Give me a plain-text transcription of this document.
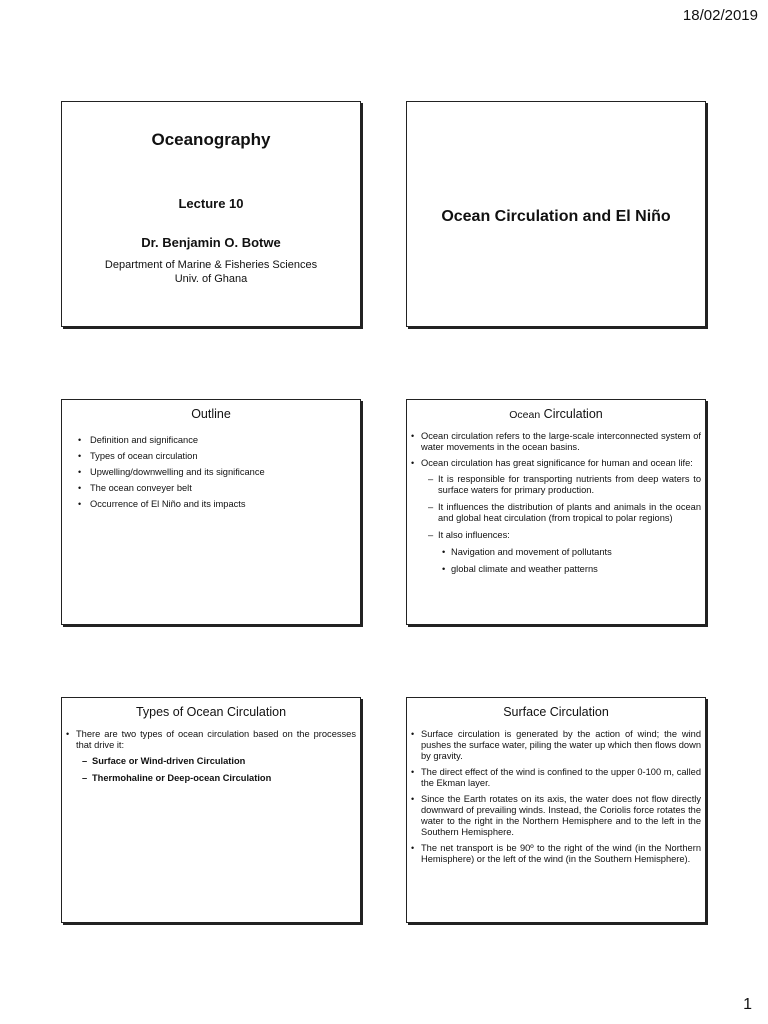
18/02/2019
Oceanography
Lecture 10
Dr. Benjamin O. Botwe
Department of Marine & Fisheries Sciences
Univ. of Ghana
Ocean Circulation and El Niño
Outline
• Definition and significance
• Types of ocean circulation
• Upwelling/downwelling and its significance
• The ocean conveyer belt
• Occurrence of El Niño and its impacts
Ocean Circulation
• Ocean circulation refers to the large-scale interconnected system of water movements in the ocean basins.
• Ocean circulation has great significance for human and ocean life:
– It is responsible for transporting nutrients from deep waters to surface waters for primary production.
– It influences the distribution of plants and animals in the ocean and global heat circulation (from tropical to polar regions)
– It also influences:
• Navigation and movement of pollutants
• global climate and weather patterns
Types of Ocean Circulation
• There are two types of ocean circulation based on the processes that drive it:
– Surface or Wind-driven Circulation
– Thermohaline or Deep-ocean Circulation
Surface Circulation
• Surface circulation is generated by the action of wind; the wind pushes the surface water, piling the water up which then flows down by gravity.
• The direct effect of the wind is confined to the upper 0-100 m, called the Ekman layer.
• Since the Earth rotates on its axis, the water does not flow directly downward of prevailing winds. Instead, the Coriolis force rotates the water to the right in the Northern Hemisphere and to the left in the Southern Hemisphere.
• The net transport is be 90º to the right of the wind (in the Northern Hemisphere) or the left of the wind (in the Southern Hemisphere).
1
